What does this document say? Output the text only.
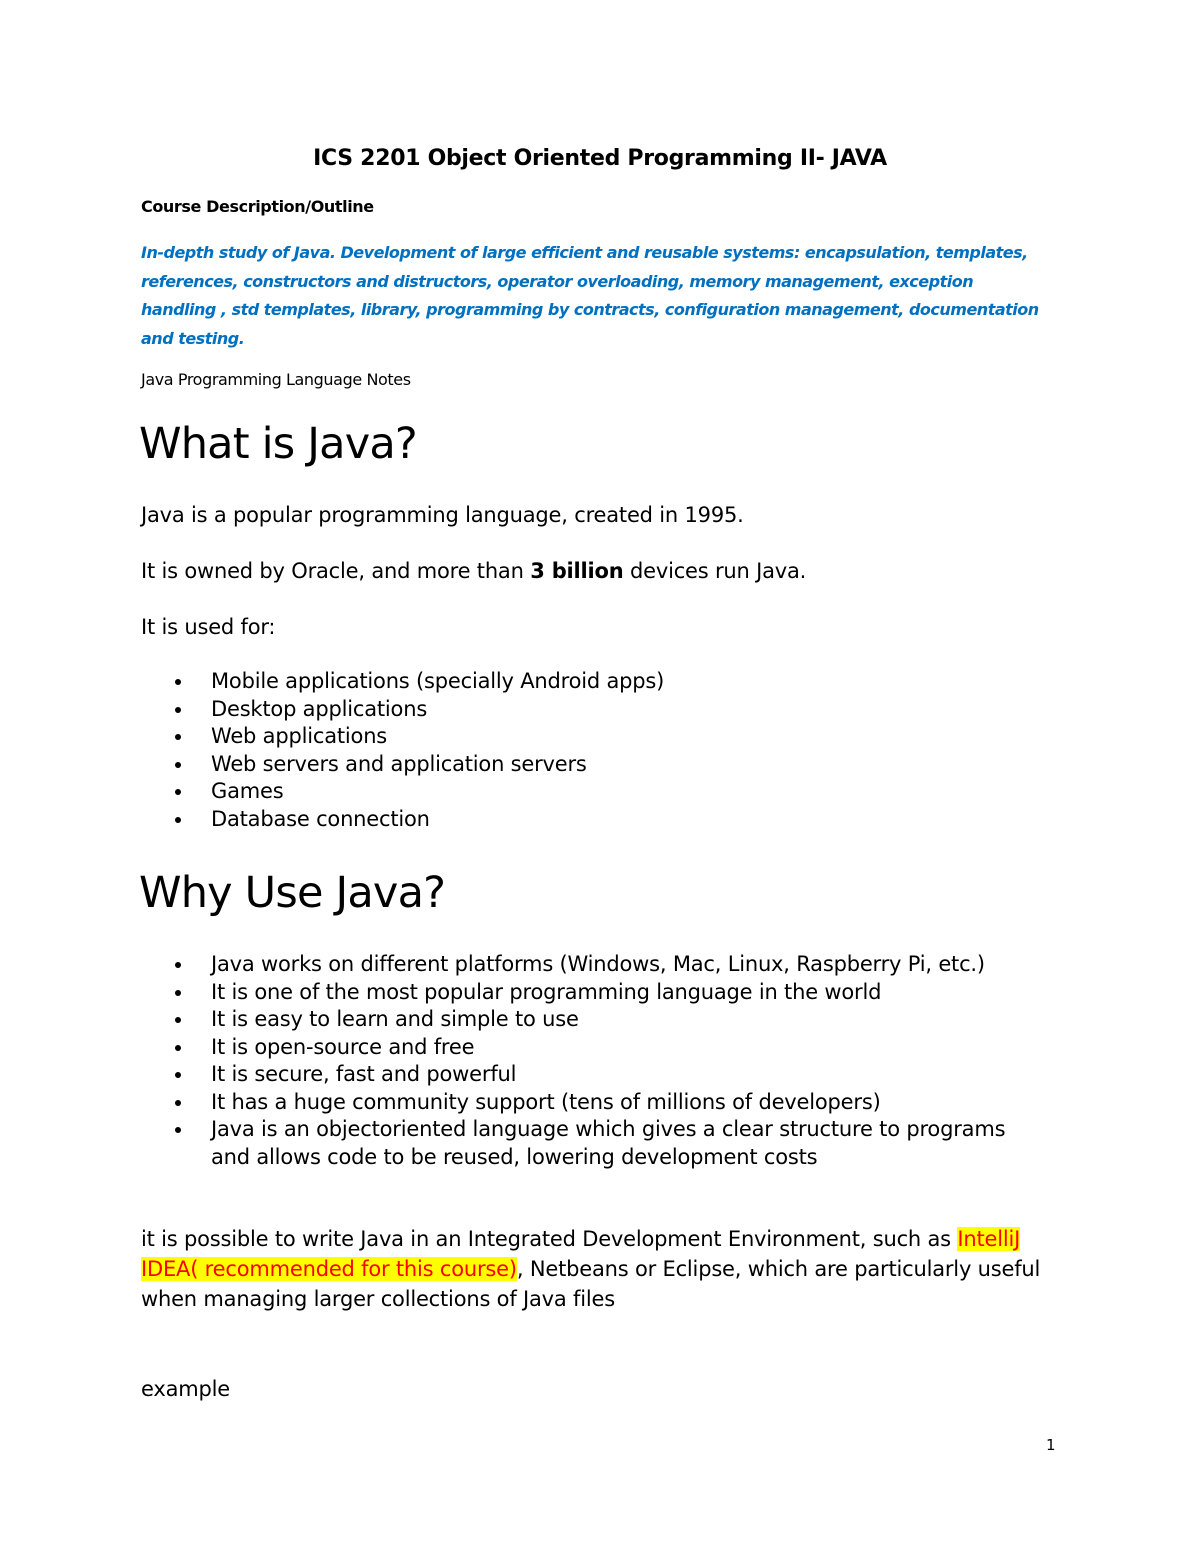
ICS 2201 Object Oriented Programming II- JAVA

Course Description/Outline

In-depth study of Java. Development of large efficient and reusable systems: encapsulation, templates, references, constructors and distructors, operator overloading, memory management, exception handling , std templates, library, programming by contracts, configuration management, documentation and testing.

Java Programming Language Notes

What is Java?

Java is a popular programming language, created in 1995.

It is owned by Oracle, and more than 3 billion devices run Java.

It is used for:

Mobile applications (specially Android apps)
Desktop applications
Web applications
Web servers and application servers
Games
Database connection
Why Use Java?
Java works on different platforms (Windows, Mac, Linux, Raspberry Pi, etc.)
It is one of the most popular programming language in the world
It is easy to learn and simple to use
It is open-source and free
It is secure, fast and powerful
It has a huge community support (tens of millions of developers)
Java is an objectoriented language which gives a clear structure to programs and allows code to be reused, lowering development costs

it is possible to write Java in an Integrated Development Environment, such as IntelliJ IDEA( recommended for this course), Netbeans or Eclipse, which are particularly useful when managing larger collections of Java files

example

1
